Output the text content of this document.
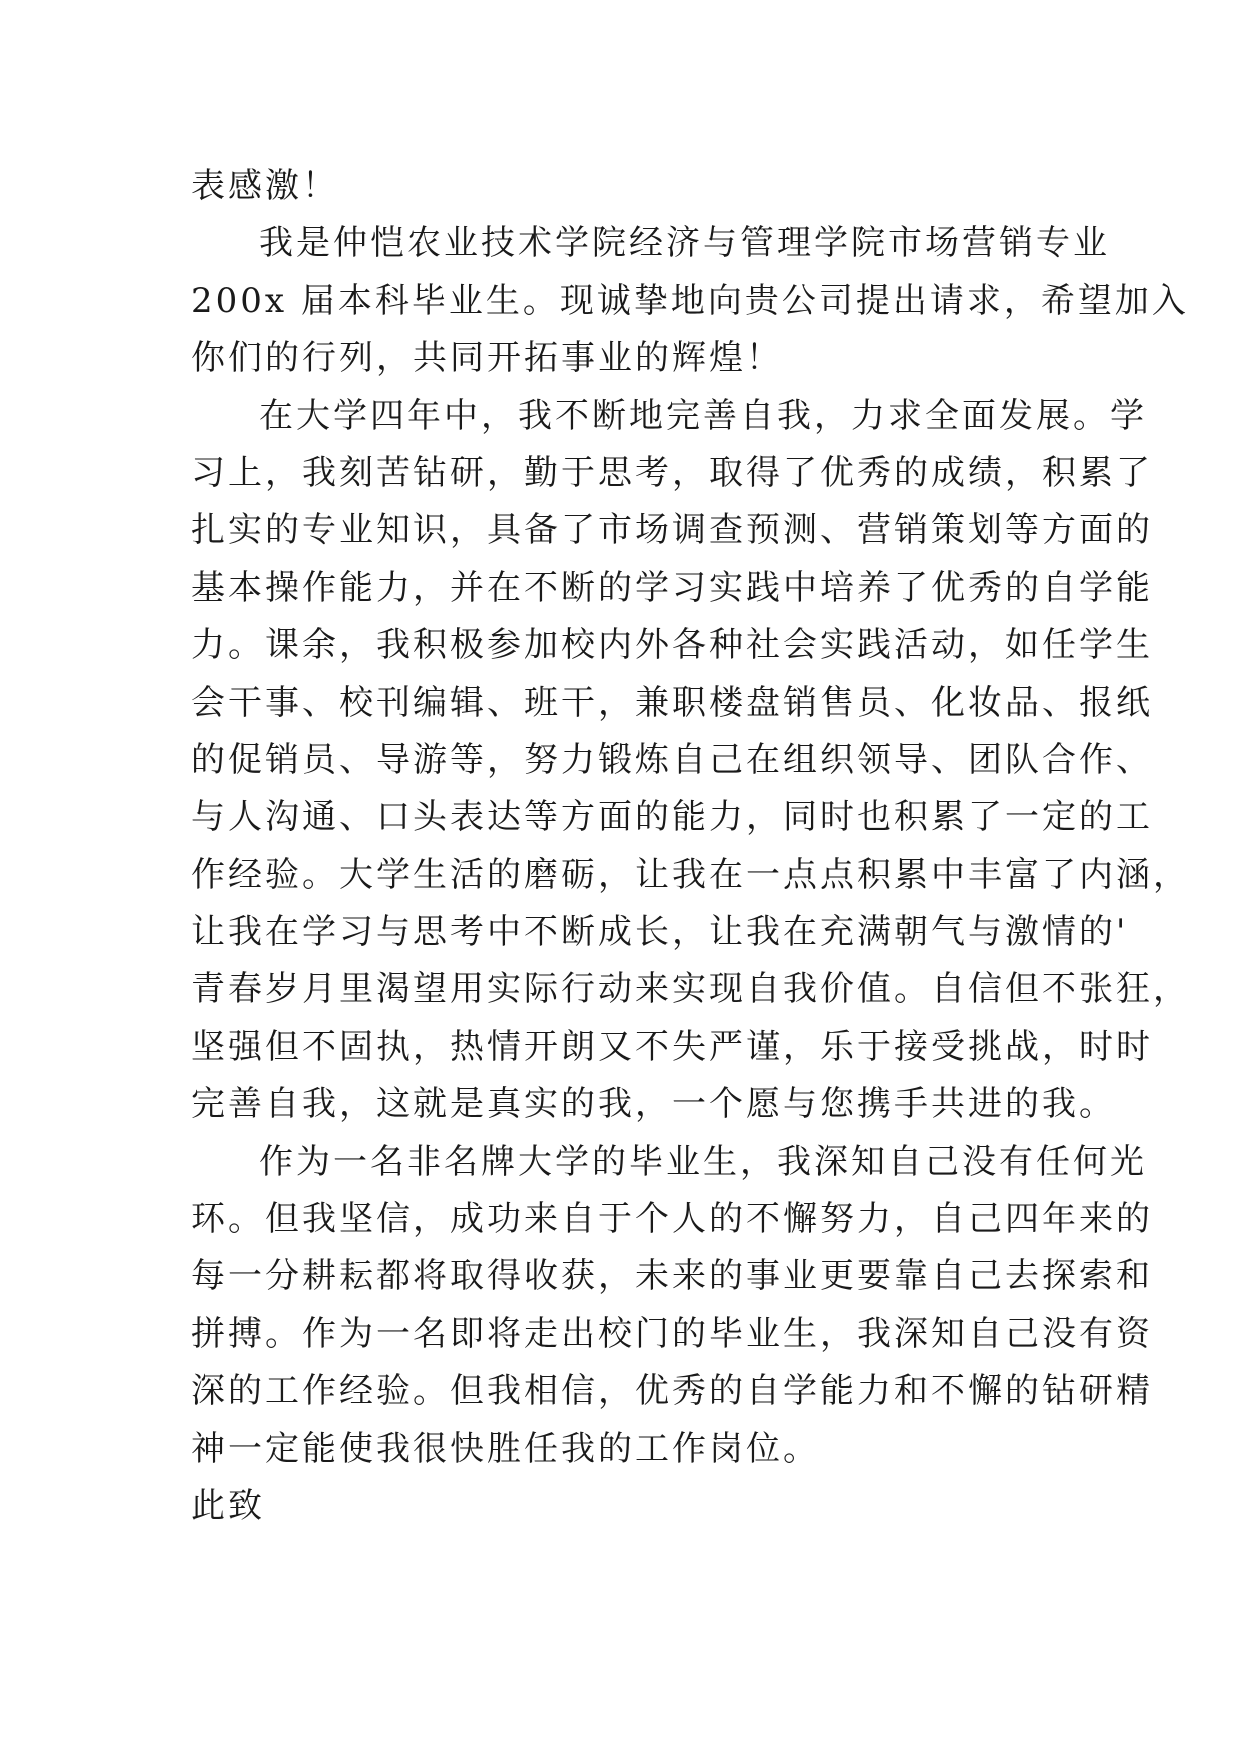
表感激！
我是仲恺农业技术学院经济与管理学院市场营销专业
200x 届本科毕业生。现诚挚地向贵公司提出请求，希望加入
你们的行列，共同开拓事业的辉煌！
在大学四年中，我不断地完善自我，力求全面发展。学
习上，我刻苦钻研，勤于思考，取得了优秀的成绩，积累了
扎实的专业知识，具备了市场调查预测、营销策划等方面的
基本操作能力，并在不断的学习实践中培养了优秀的自学能
力。课余，我积极参加校内外各种社会实践活动，如任学生
会干事、校刊编辑、班干，兼职楼盘销售员、化妆品、报纸
的促销员、导游等，努力锻炼自己在组织领导、团队合作、
与人沟通、口头表达等方面的能力，同时也积累了一定的工
作经验。大学生活的磨砺，让我在一点点积累中丰富了内涵，
让我在学习与思考中不断成长，让我在充满朝气与激情的'
青春岁月里渴望用实际行动来实现自我价值。自信但不张狂，
坚强但不固执，热情开朗又不失严谨，乐于接受挑战，时时
完善自我，这就是真实的我，一个愿与您携手共进的我。
作为一名非名牌大学的毕业生，我深知自己没有任何光
环。但我坚信，成功来自于个人的不懈努力，自己四年来的
每一分耕耘都将取得收获，未来的事业更要靠自己去探索和
拼搏。作为一名即将走出校门的毕业生，我深知自己没有资
深的工作经验。但我相信，优秀的自学能力和不懈的钻研精
神一定能使我很快胜任我的工作岗位。
此致
